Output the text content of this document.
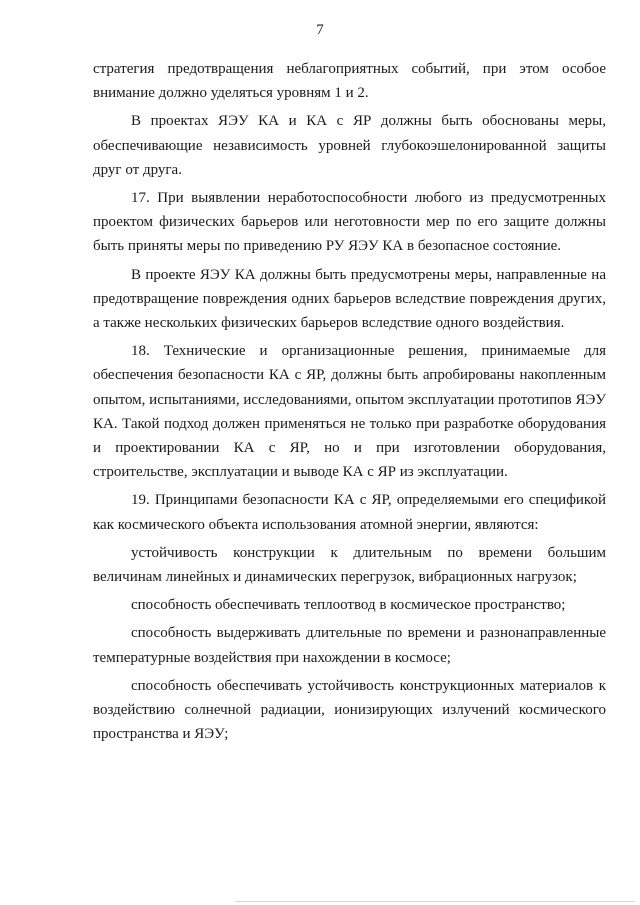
7

стратегия предотвращения неблагоприятных событий, при этом особое внимание должно уделяться уровням 1 и 2.

В проектах ЯЭУ КА и КА с ЯР должны быть обоснованы меры, обеспечивающие независимость уровней глубокоэшелонированной защиты друг от друга.

17. При выявлении неработоспособности любого из предусмотренных проектом физических барьеров или неготовности мер по его защите должны быть приняты меры по приведению РУ ЯЭУ КА в безопасное состояние.

В проекте ЯЭУ КА должны быть предусмотрены меры, направленные на предотвращение повреждения одних барьеров вследствие повреждения других, а также нескольких физических барьеров вследствие одного воздействия.

18. Технические и организационные решения, принимаемые для обеспечения безопасности КА с ЯР, должны быть апробированы накопленным опытом, испытаниями, исследованиями, опытом эксплуатации прототипов ЯЭУ КА. Такой подход должен применяться не только при разработке оборудования и проектировании КА с ЯР, но и при изготовлении оборудования, строительстве, эксплуатации и выводе КА с ЯР из эксплуатации.

19. Принципами безопасности КА с ЯР, определяемыми его спецификой как космического объекта использования атомной энергии, являются:

устойчивость конструкции к длительным по времени большим величинам линейных и динамических перегрузок, вибрационных нагрузок;

способность обеспечивать теплоотвод в космическое пространство;

способность выдерживать длительные по времени и разнонаправленные температурные воздействия при нахождении в космосе;

способность обеспечивать устойчивость конструкционных материалов к воздействию солнечной радиации, ионизирующих излучений космического пространства и ЯЭУ;
